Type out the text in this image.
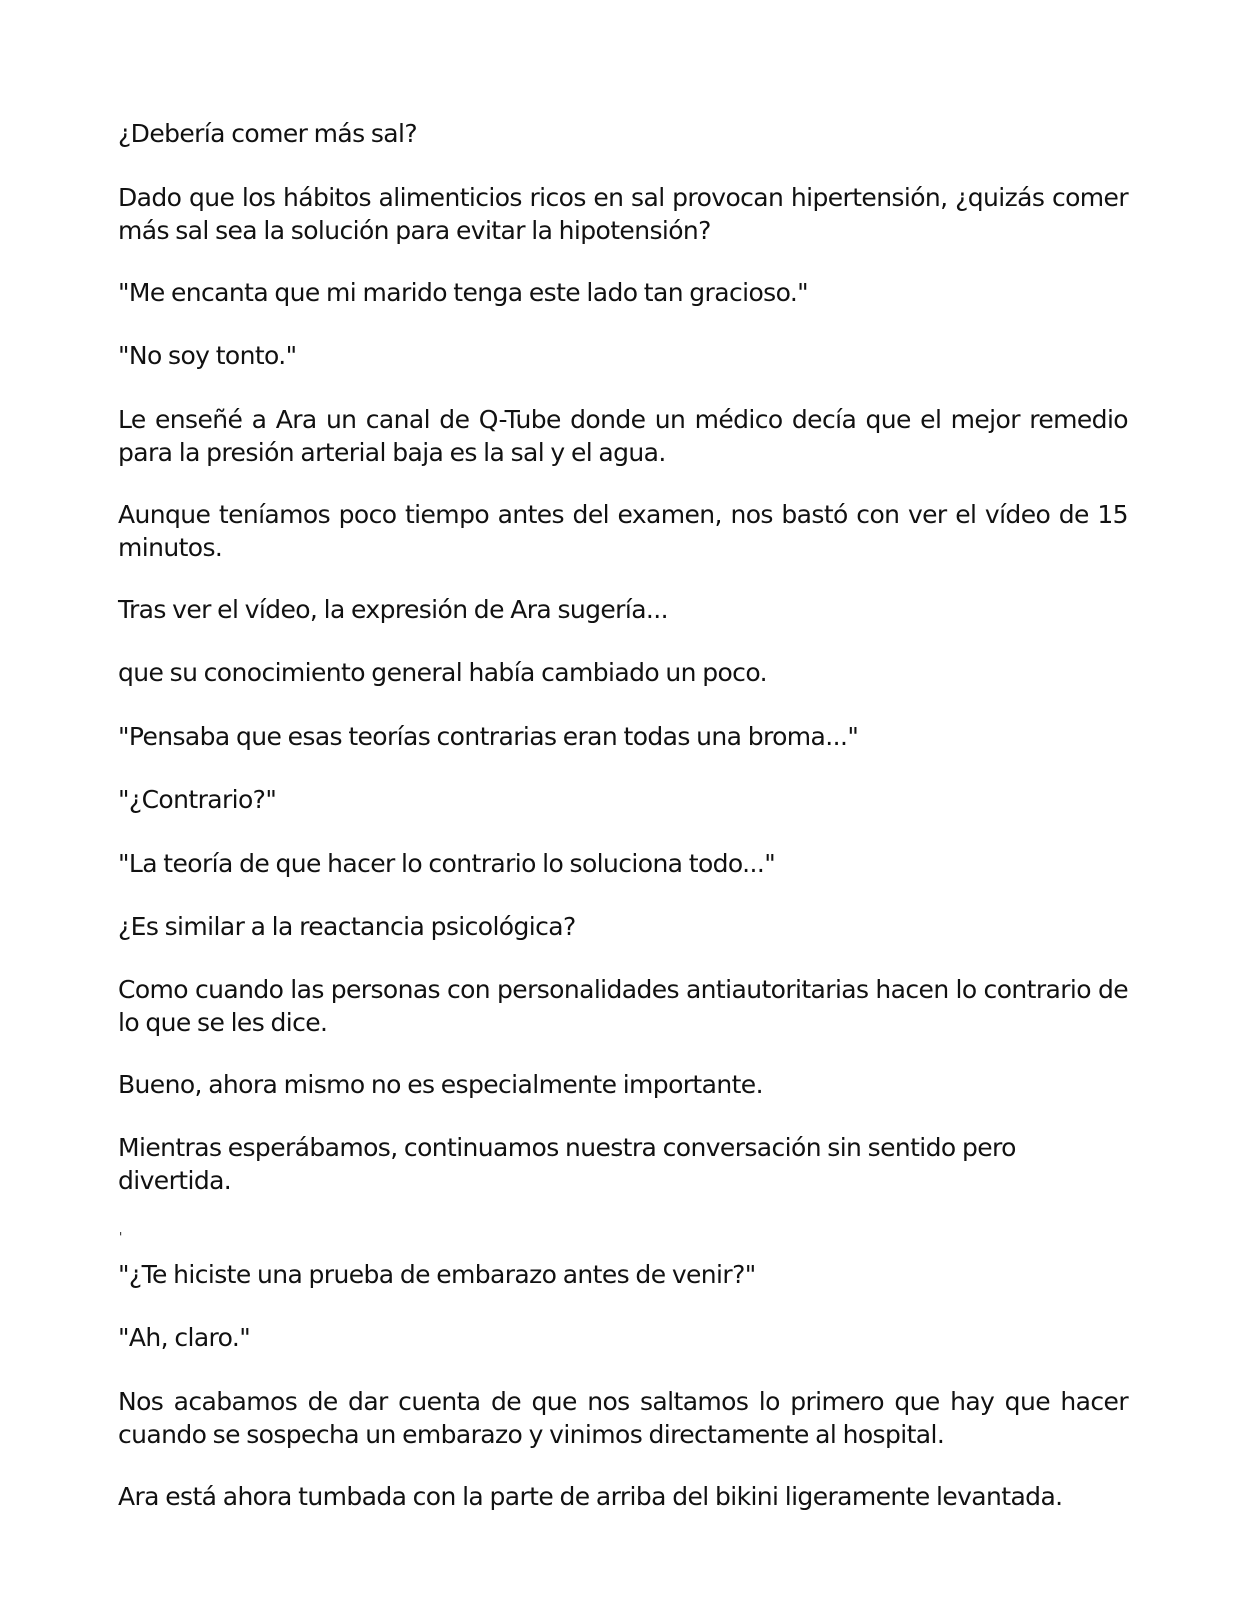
¿Debería comer más sal?

Dado que los hábitos alimenticios ricos en sal provocan hipertensión, ¿quizás comer más sal sea la solución para evitar la hipotensión?

"Me encanta que mi marido tenga este lado tan gracioso."

"No soy tonto."

Le enseñé a Ara un canal de Q-Tube donde un médico decía que el mejor remedio para la presión arterial baja es la sal y el agua.

Aunque teníamos poco tiempo antes del examen, nos bastó con ver el vídeo de 15 minutos.

Tras ver el vídeo, la expresión de Ara sugería...

que su conocimiento general había cambiado un poco.

"Pensaba que esas teorías contrarias eran todas una broma..."

"¿Contrario?"

"La teoría de que hacer lo contrario lo soluciona todo..."

¿Es similar a la reactancia psicológica?

Como cuando las personas con personalidades antiautoritarias hacen lo contrario de lo que se les dice.

Bueno, ahora mismo no es especialmente importante.

Mientras esperábamos, continuamos nuestra conversación sin sentido pero divertida.

'

"¿Te hiciste una prueba de embarazo antes de venir?"

"Ah, claro."

Nos acabamos de dar cuenta de que nos saltamos lo primero que hay que hacer cuando se sospecha un embarazo y vinimos directamente al hospital.

Ara está ahora tumbada con la parte de arriba del bikini ligeramente levantada.
